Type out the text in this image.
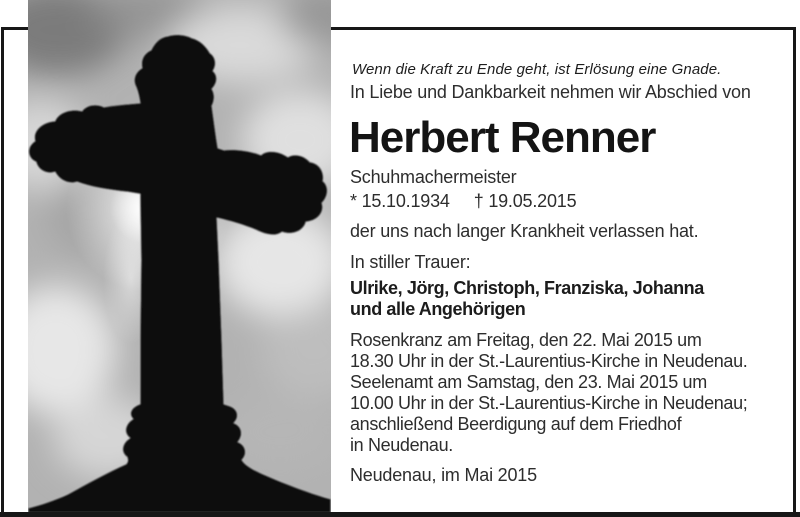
Wenn die Kraft zu Ende geht, ist Erlösung eine Gnade.
In Liebe und Dankbarkeit nehmen wir Abschied von
Herbert Renner
Schuhmachermeister
* 15.10.1934 † 19.05.2015
der uns nach langer Krankheit verlassen hat.
In stiller Trauer:
Ulrike, Jörg, Christoph, Franziska, Johanna
und alle Angehörigen
Rosenkranz am Freitag, den 22. Mai 2015 um
18.30 Uhr in der St.-Laurentius-Kirche in Neudenau.
Seelenamt am Samstag, den 23. Mai 2015 um
10.00 Uhr in der St.-Laurentius-Kirche in Neudenau;
anschließend Beerdigung auf dem Friedhof
in Neudenau.
Neudenau, im Mai 2015
